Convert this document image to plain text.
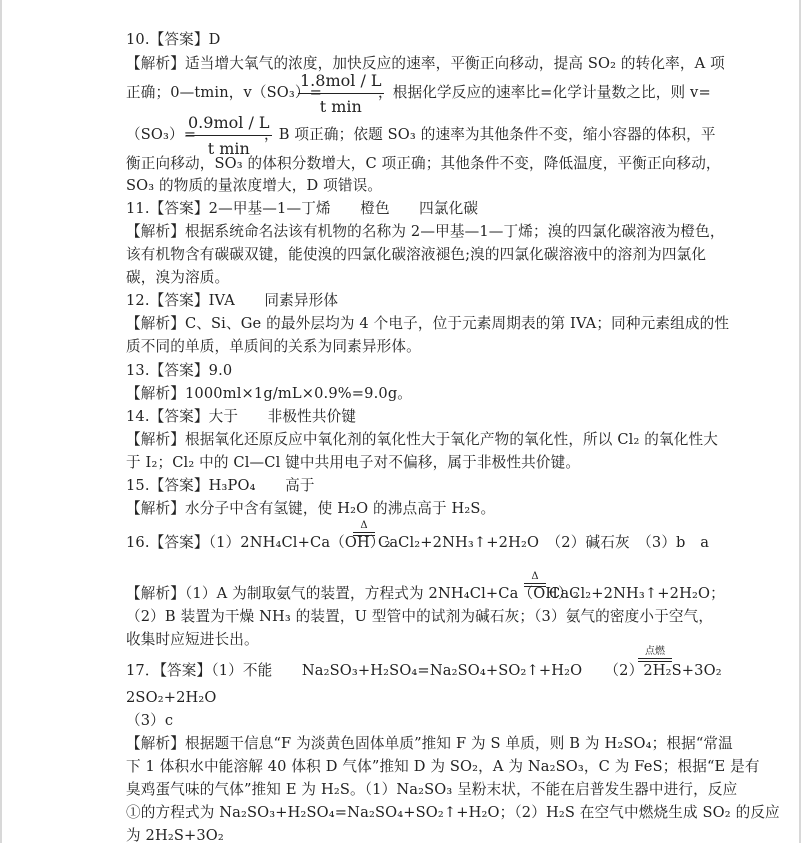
10.【答案】D
【解析】适当增大氧气的浓度，加快反应的速率，平衡正向移动，提高 SO₂ 的转化率，A 项
正确；0—tmin，v（SO₃）=
1.8mol / L
t min
，根据化学反应的速率比=化学计量数之比，则 v=
（SO₃）=
0.9mol / L
t min
，B 项正确；依题 SO₃ 的速率为其他条件不变，缩小容器的体积，平
衡正向移动，SO₃ 的体积分数增大，C 项正确；其他条件不变，降低温度，平衡正向移动，
SO₃ 的物质的量浓度增大，D 项错误。
11.【答案】2—甲基—1—丁烯　　橙色　　四氯化碳
【解析】根据系统命名法该有机物的名称为 2—甲基—1—丁烯；溴的四氯化碳溶液为橙色，
该有机物含有碳碳双键，能使溴的四氯化碳溶液褪色;溴的四氯化碳溶液中的溶剂为四氯化
碳，溴为溶质。
12.【答案】IVA　　同素异形体
【解析】C、Si、Ge 的最外层均为 4 个电子，位于元素周期表的第 IVA；同种元素组成的性
质不同的单质，单质间的关系为同素异形体。
13.【答案】9.0
【解析】1000ml×1g/mL×0.9%=9.0g。
14.【答案】大于　　非极性共价键
【解析】根据氧化还原反应中氧化剂的氧化性大于氧化产物的氧化性，所以 Cl₂ 的氧化性大
于 I₂；Cl₂ 中的 Cl—Cl 键中共用电子对不偏移，属于非极性共价键。
15.【答案】H₃PO₄　　高于
【解析】水分子中含有氢键，使 H₂O 的沸点高于 H₂S。
16.【答案】（1）2NH₄Cl+Ca（OH）₂
Δ
CaCl₂+2NH₃↑+2H₂O　（2）碱石灰　（3）b　a
【解析】（1）A 为制取氨气的装置，方程式为 2NH₄Cl+Ca（OH）₂
Δ
CaCl₂+2NH₃↑+2H₂O；
（2）B 装置为干燥 NH₃ 的装置，U 型管中的试剂为碱石灰；（3）氨气的密度小于空气，
收集时应短进长出。
17．【答案】（1）不能　　Na₂SO₃+H₂SO₄=Na₂SO₄+SO₂↑+H₂O　　（2）2H₂S+3O₂
点燃
2SO₂+2H₂O
（3）c
【解析】根据题干信息“F 为淡黄色固体单质”推知 F 为 S 单质，则 B 为 H₂SO₄；根据“常温
下 1 体积水中能溶解 40 体积 D 气体”推知 D 为 SO₂，A 为 Na₂SO₃，C 为 FeS；根据“E 是有
臭鸡蛋气味的气体”推知 E 为 H₂S。（1）Na₂SO₃ 呈粉末状，不能在启普发生器中进行，反应
①的方程式为 Na₂SO₃+H₂SO₄=Na₂SO₄+SO₂↑+H₂O；（2）H₂S 在空气中燃烧生成 SO₂ 的反应
为 2H₂S+3O₂
